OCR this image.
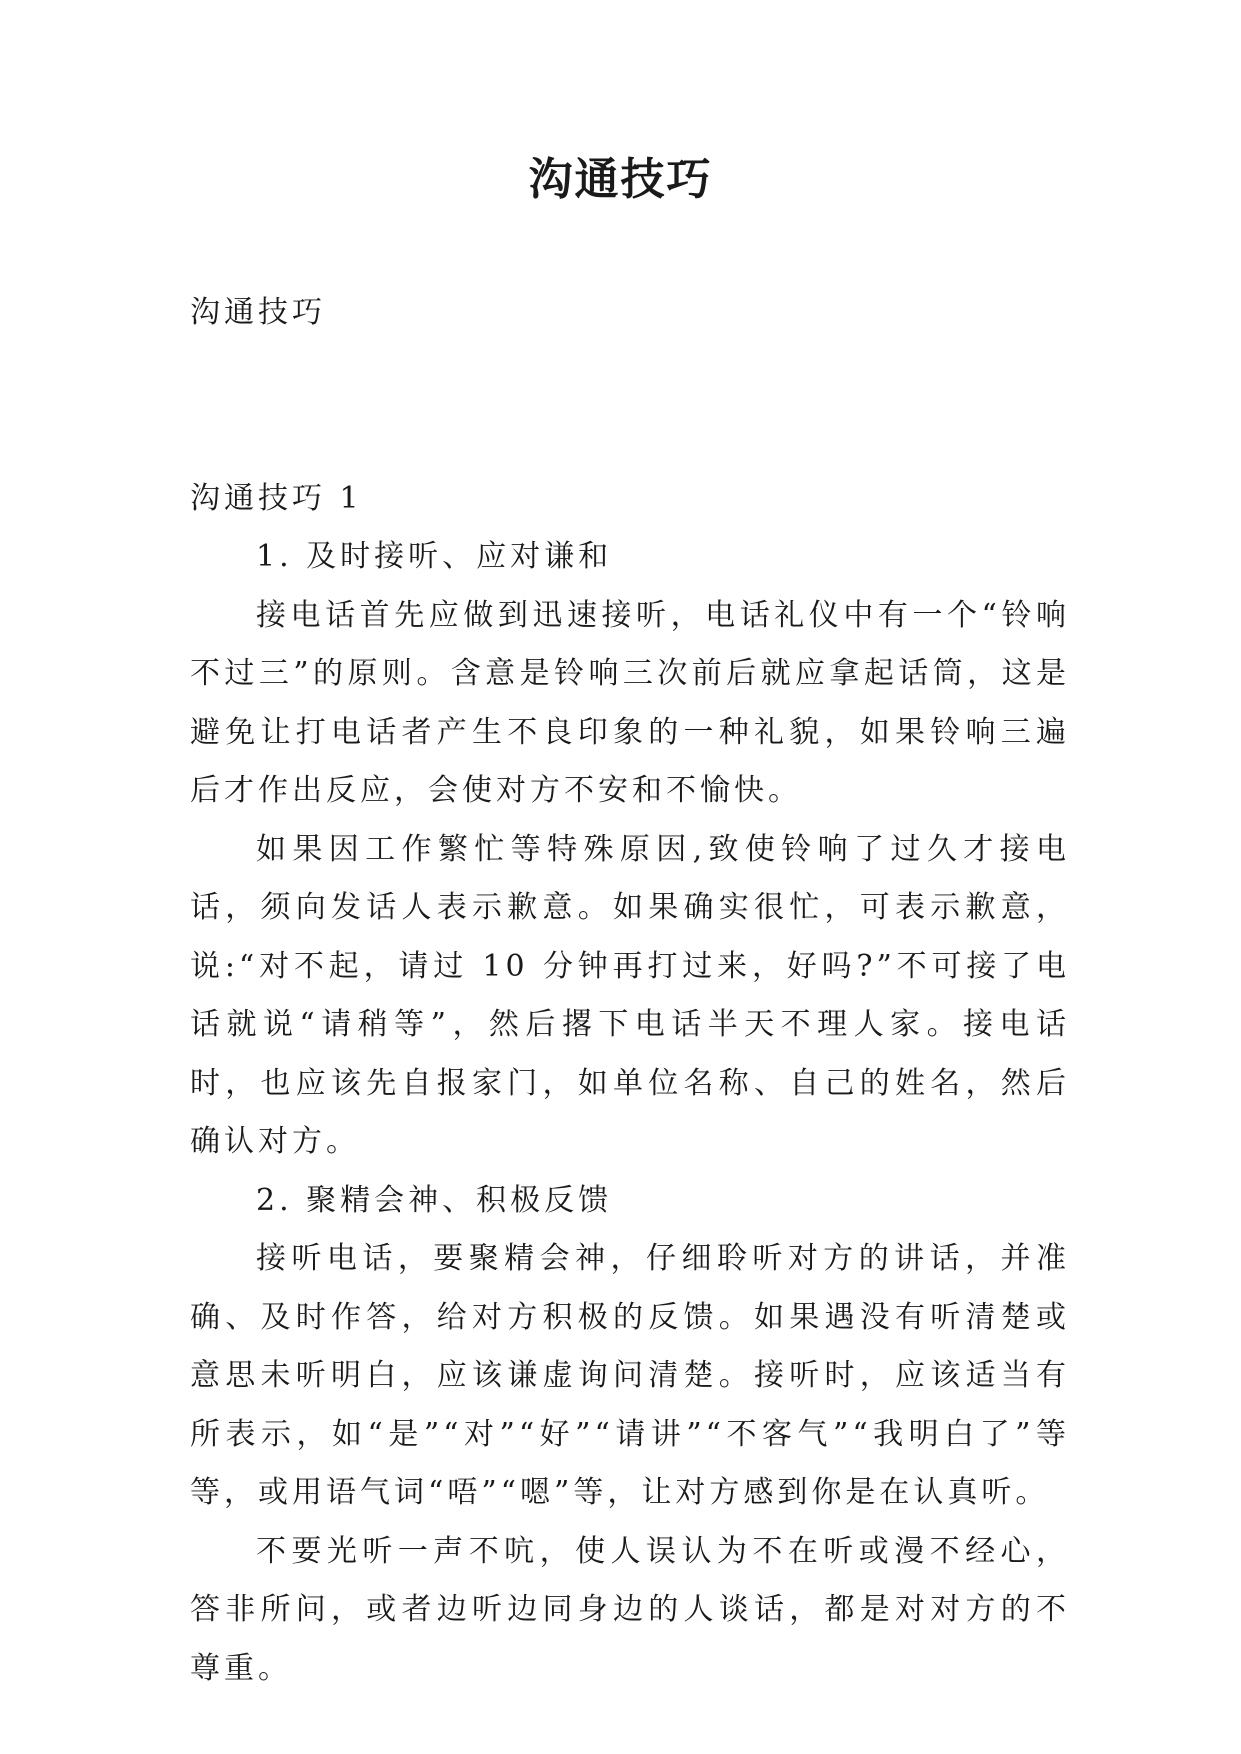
沟通技巧

沟通技巧

沟通技巧 1

1. 及时接听、应对谦和

接电话首先应做到迅速接听，电话礼仪中有一个“铃响不过三”的原则。含意是铃响三次前后就应拿起话筒，这是避免让打电话者产生不良印象的一种礼貌，如果铃响三遍后才作出反应，会使对方不安和不愉快。

如果因工作繁忙等特殊原因,致使铃响了过久才接电话，须向发话人表示歉意。如果确实很忙，可表示歉意，说:“对不起，请过 10 分钟再打过来，好吗?”不可接了电话就说“请稍等”，然后撂下电话半天不理人家。接电话时，也应该先自报家门，如单位名称、自己的姓名，然后确认对方。

2. 聚精会神、积极反馈

接听电话，要聚精会神，仔细聆听对方的讲话，并准确、及时作答，给对方积极的反馈。如果遇没有听清楚或意思未听明白，应该谦虚询问清楚。接听时，应该适当有所表示，如“是”“对”“好”“请讲”“不客气”“我明白了”等等，或用语气词“唔”“嗯”等，让对方感到你是在认真听。

不要光听一声不吭，使人误认为不在听或漫不经心，答非所问，或者边听边同身边的人谈话，都是对对方的不尊重。
